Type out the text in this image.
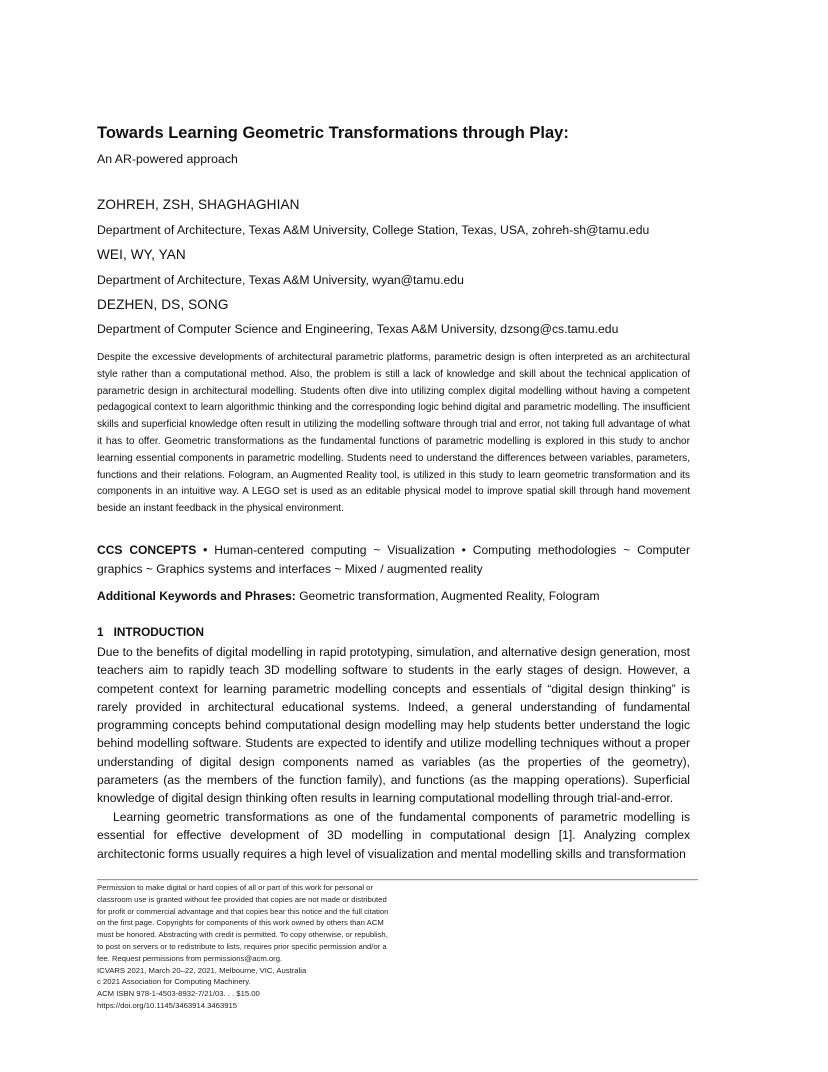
Towards Learning Geometric Transformations through Play:
An AR-powered approach
ZOHREH, ZSH, SHAGHAGHIAN
Department of Architecture, Texas A&M University, College Station, Texas, USA, zohreh-sh@tamu.edu
WEI, WY, YAN
Department of Architecture, Texas A&M University, wyan@tamu.edu
DEZHEN, DS, SONG
Department of Computer Science and Engineering, Texas A&M University, dzsong@cs.tamu.edu

Despite the excessive developments of architectural parametric platforms, parametric design is often interpreted as an architectural style rather than a computational method. Also, the problem is still a lack of knowledge and skill about the technical application of parametric design in architectural modelling. Students often dive into utilizing complex digital modelling without having a competent pedagogical context to learn algorithmic thinking and the corresponding logic behind digital and parametric modelling. The insufficient skills and superficial knowledge often result in utilizing the modelling software through trial and error, not taking full advantage of what it has to offer. Geometric transformations as the fundamental functions of parametric modelling is explored in this study to anchor learning essential components in parametric modelling. Students need to understand the differences between variables, parameters, functions and their relations. Fologram, an Augmented Reality tool, is utilized in this study to learn geometric transformation and its components in an intuitive way. A LEGO set is used as an editable physical model to improve spatial skill through hand movement beside an instant feedback in the physical environment.

CCS CONCEPTS • Human-centered computing ~ Visualization • Computing methodologies ~ Computer graphics ~ Graphics systems and interfaces ~ Mixed / augmented reality

Additional Keywords and Phrases: Geometric transformation, Augmented Reality, Fologram

1 INTRODUCTION

Due to the benefits of digital modelling in rapid prototyping, simulation, and alternative design generation, most teachers aim to rapidly teach 3D modelling software to students in the early stages of design. However, a competent context for learning parametric modelling concepts and essentials of “digital design thinking” is rarely provided in architectural educational systems. Indeed, a general understanding of fundamental programming concepts behind computational design modelling may help students better understand the logic behind modelling software. Students are expected to identify and utilize modelling techniques without a proper understanding of digital design components named as variables (as the properties of the geometry), parameters (as the members of the function family), and functions (as the mapping operations). Superficial knowledge of digital design thinking often results in learning computational modelling through trial-and-error.

Learning geometric transformations as one of the fundamental components of parametric modelling is essential for effective development of 3D modelling in computational design [1]. Analyzing complex architectonic forms usually requires a high level of visualization and mental modelling skills and transformation

Permission to make digital or hard copies of all or part of this work for personal or
classroom use is granted without fee provided that copies are not made or distributed
for profit or commercial advantage and that copies bear this notice and the full citation
on the first page. Copyrights for components of this work owned by others than ACM
must be honored. Abstracting with credit is permitted. To copy otherwise, or republish,
to post on servers or to redistribute to lists, requires prior specific permission and/or a
fee. Request permissions from permissions@acm.org.
ICVARS 2021, March 20–22, 2021, Melbourne, VIC, Australia
c 2021 Association for Computing Machinery.
ACM ISBN 978-1-4503-8932-7/21/03. . . $15.00
https://doi.org/10.1145/3463914.3463915
